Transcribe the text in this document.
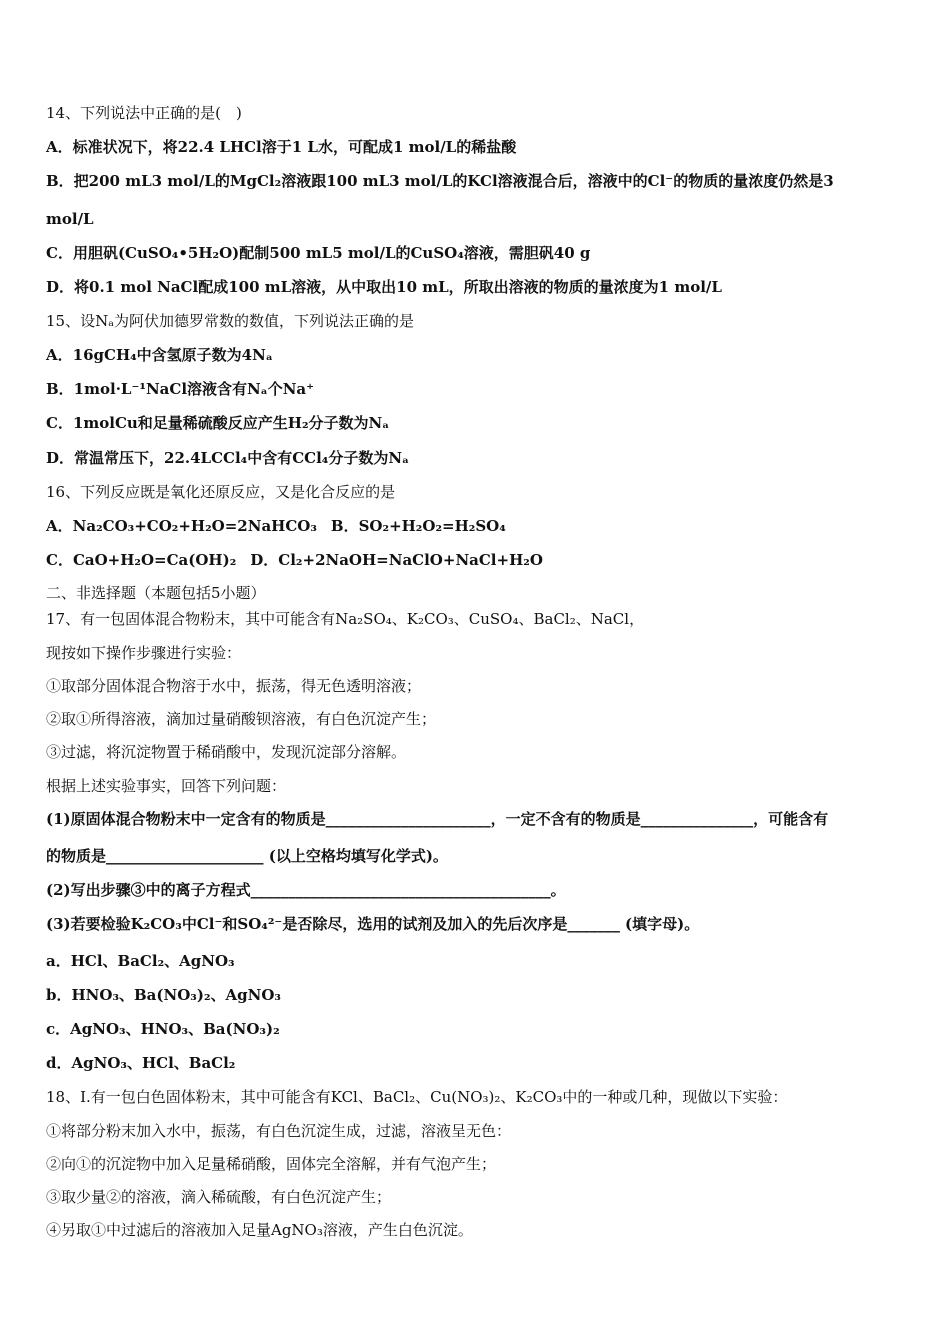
14、下列说法中正确的是(　)
A．标准状况下，将22.4 LHCl溶于1 L水，可配成1 mol/L的稀盐酸
B．把200 mL3 mol/L的MgCl₂溶液跟100 mL3 mol/L的KCl溶液混合后，溶液中的Cl⁻的物质的量浓度仍然是3
mol/L
C．用胆矾(CuSO₄•5H₂O)配制500 mL5 mol/L的CuSO₄溶液，需胆矾40 g
D．将0.1 mol NaCl配成100 mL溶液，从中取出10 mL，所取出溶液的物质的量浓度为1 mol/L
15、设Nₐ为阿伏加德罗常数的数值，下列说法正确的是
A．16gCH₄中含氢原子数为4Nₐ
B．1mol·L⁻¹NaCl溶液含有Nₐ个Na⁺
C．1molCu和足量稀硫酸反应产生H₂分子数为Nₐ
D．常温常压下，22.4LCCl₄中含有CCl₄分子数为Nₐ
16、下列反应既是氧化还原反应，又是化合反应的是
A．Na₂CO₃+CO₂+H₂O=2NaHCO₃ B．SO₂+H₂O₂=H₂SO₄
C．CaO+H₂O=Ca(OH)₂ D．Cl₂+2NaOH=NaClO+NaCl+H₂O
二、非选择题（本题包括5小题）
17、有一包固体混合物粉末，其中可能含有Na₂SO₄、K₂CO₃、CuSO₄、BaCl₂、NaCl，
现按如下操作步骤进行实验：
①取部分固体混合物溶于水中，振荡，得无色透明溶液；
②取①所得溶液，滴加过量硝酸钡溶液，有白色沉淀产生；
③过滤，将沉淀物置于稀硝酸中，发现沉淀部分溶解。
根据上述实验事实，回答下列问题：
(1)原固体混合物粉末中一定含有的物质是______________________，一定不含有的物质是_______________，可能含有
的物质是_____________________ (以上空格均填写化学式)。
(2)写出步骤③中的离子方程式________________________________________。
(3)若要检验K₂CO₃中Cl⁻和SO₄²⁻是否除尽，选用的试剂及加入的先后次序是_______ (填字母)。
a．HCl、BaCl₂、AgNO₃
b．HNO₃、Ba(NO₃)₂、AgNO₃
c．AgNO₃、HNO₃、Ba(NO₃)₂
d．AgNO₃、HCl、BaCl₂
18、Ⅰ.有一包白色固体粉末，其中可能含有KCl、BaCl₂、Cu(NO₃)₂、K₂CO₃中的一种或几种，现做以下实验：
①将部分粉末加入水中，振荡，有白色沉淀生成，过滤，溶液呈无色：
②向①的沉淀物中加入足量稀硝酸，固体完全溶解，并有气泡产生；
③取少量②的溶液，滴入稀硫酸，有白色沉淀产生；
④另取①中过滤后的溶液加入足量AgNO₃溶液，产生白色沉淀。
